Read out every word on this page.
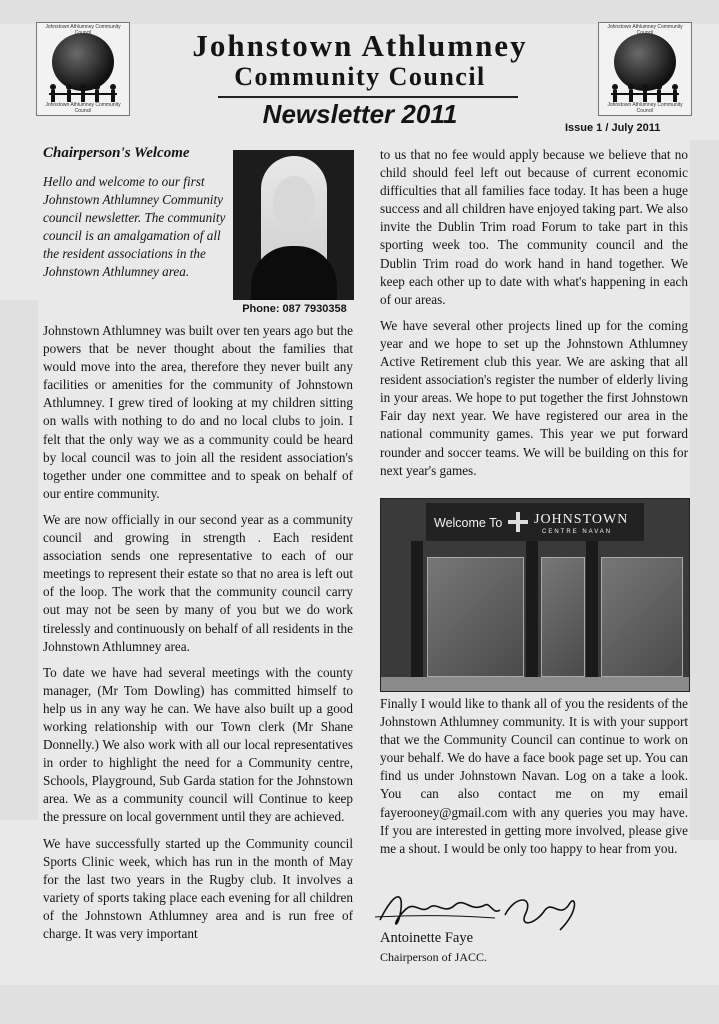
Johnstown Athlumney Community
Johnstown Athlumney Community Council
Johnstown Athlumney Community
Johnstown Athlumney Community Council
Johnstown Athlumney
Community Council
Newsletter 2011	Issue 1 / July 2011
Chairperson's Welcome
Hello and welcome to our first Johnstown Athlumney Community council newsletter. The community council is an amalgamation of all the resident associations in the Johnstown Athlumney area.
Phone: 087 7930358

Johnstown Athlumney was built over ten years ago but the powers that be never thought about the families that would move into the area, therefore they never built any facilities or amenities for the community of Johnstown Athlumney. I grew tired of looking at my children sitting on walls with nothing to do and no local clubs to join. I felt that the only way we as a community could be heard by local council was to join all the resident association's together under one committee and to speak on behalf of our entire community.

We are now officially in our second year as a community council and growing in strength . Each resident association sends one representative to each of our meetings to represent their estate so that no area is left out of the loop. The work that the community council carry out may not be seen by many of you but we do work tirelessly and continuously on behalf of all residents in the Johnstown Athlumney area.

To date we have had several meetings with the county manager, (Mr Tom Dowling) has committed himself to help us in any way he can. We have also built up a good working relationship with our Town clerk (Mr Shane Donnelly.) We also work with all our local representatives in order to highlight the need for a Community centre, Schools, Playground, Sub Garda station for the Johnstown area. We as a community council will Continue to keep the pressure on local government until they are achieved.

We have successfully started up the Community council Sports Clinic week, which has run in the month of May for the last two years in the Rugby club. It involves a variety of sports taking place each evening for all children of the Johnstown Athlumney area and is run free of charge. It was very important

to us that no fee would apply because we believe that no child should feel left out because of current economic difficulties that all families face today. It has been a huge success and all children have enjoyed taking part. We also invite the Dublin Trim road Forum to take part in this sporting week too. The community council and the Dublin Trim road do work hand in hand together. We keep each other up to date with what's happening in each of our areas.

We have several other projects lined up for the coming year and we hope to set up the Johnstown Athlumney Active Retirement club this year. We are asking that all resident association's register the number of elderly living in your areas. We hope to put together the first Johnstown Fair day next year. We have registered our area in the national community games. This year we put forward rounder and soccer teams. We will be building on this for next year's games.

Welcome To JOHNSTOWN
CENTRE NAVAN
Finally I would like to thank all of you the residents of the Johnstown Athlumney community. It is with your support that we the Community Council can continue to work on your behalf. We do have a face book page set up. You can find us under Johnstown Navan. Log on a take a look. You can also contact me on my email fayerooney@gmail.com with any queries you may have. If you are interested in getting more involved, please give me a shout. I would be only too happy to hear from you.
Antoinette Faye
Chairperson of JACC.
